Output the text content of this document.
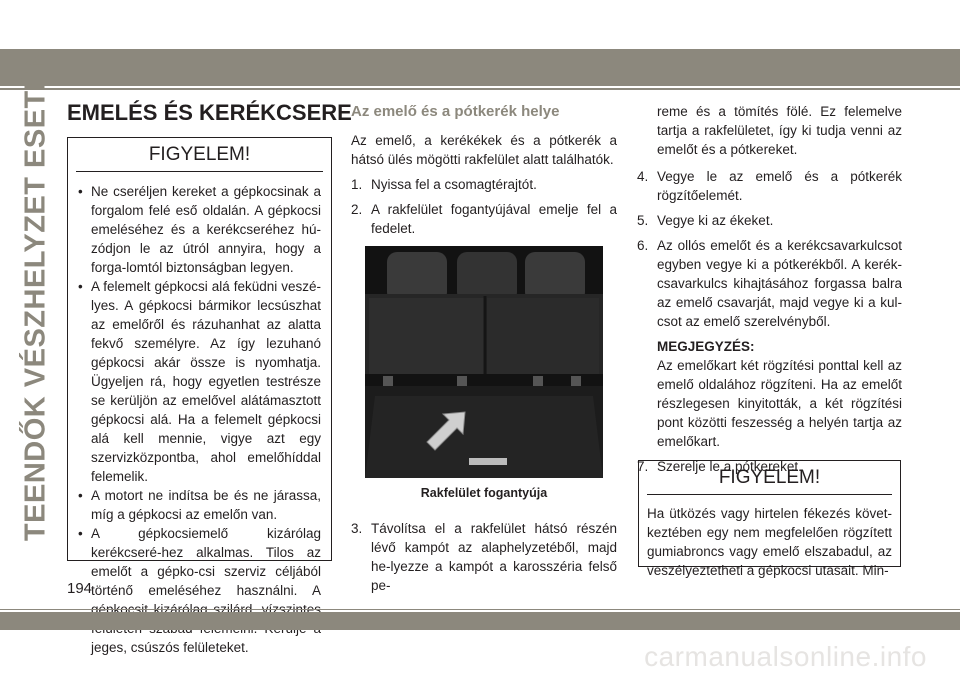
TEENDŐK VÉSZHELYZET ESETÉN EMELÉS ÉS KERÉKCSERE
FIGYELEM!
• Ne cseréljen kereket a gépkocsinak a forgalom felé eső oldalán. A gépkocsi emeléséhez és a kerékcseréhez hú-zódjon le az útról annyira, hogy a forga-lomtól biztonságban legyen.
• A felemelt gépkocsi alá feküdni veszé-lyes. A gépkocsi bármikor lecsúszhat az emelőről és rázuhanhat az alatta fekvő személyre. Az így lezuhanó gépkocsi akár össze is nyomhatja. Ügyeljen rá, hogy egyetlen testrésze se kerüljön az emelővel alátámasztott gépkocsi alá. Ha a felemelt gépkocsi alá kell mennie, vigye azt egy szervizközpontba, ahol emelőhíddal felemelik.
• A motort ne indítsa be és ne járassa, míg a gépkocsi az emelőn van.
• A gépkocsiemelő kizárólag kerékcseré-hez alkalmas. Tilos az emelőt a gépko-csi szerviz céljából történő emeléséhez használni. A jeges, csúszós felületeket.
Az emelő és a pótkerék helye

Az emelő, a kerékékek és a pótkerék a hátsó ülés mögötti rakfelület alatt találhatók.

1. Nyissa fel a csomagtérajtót.
2. A rakfelület fogantyújával emelje fel a fedelet.
Rakfelület fogantyúja
3. Távolítsa el a rakfelület hátsó részén lévő kampót az alaphelyzetéből, majd he-lyezze a kampót a karosszéria felső pe-

reme és a tömítés fölé. Ez felemelve tartja a rakfelületet, így ki tudja venni az emelőt és a pótkereket.

4. Vegye le az emelő és a pótkerék rögzítőelemét.
5. Vegye ki az ékeket.
6. Az ollós emelőt és a kerékcsavarkulcsot egyben vegye ki a pótkerékből. A kerék-csavarkulcs kihajtásához forgassa balra az emelő csavarját, majd vegye ki a kul-csot az emelő szerelvényből.
MEGJEGYZÉS:
Az emelőkart két rögzítési ponttal kell az emelő oldalához rögzíteni. Ha az emelőt részlegesen kinyitották, a két rögzítési pont közötti feszesség a helyén tartja az emelőkart.
7. Szerelje le a pótkereket.
FIGYELEM!
Ha ütközés vagy hirtelen fékezés követ-keztében egy nem megfelelően rögzített gumiabroncs vagy emelő elszabadul, az veszélyeztetheti a gépkocsi utasait. Min-
194
carmanualsonline.info
